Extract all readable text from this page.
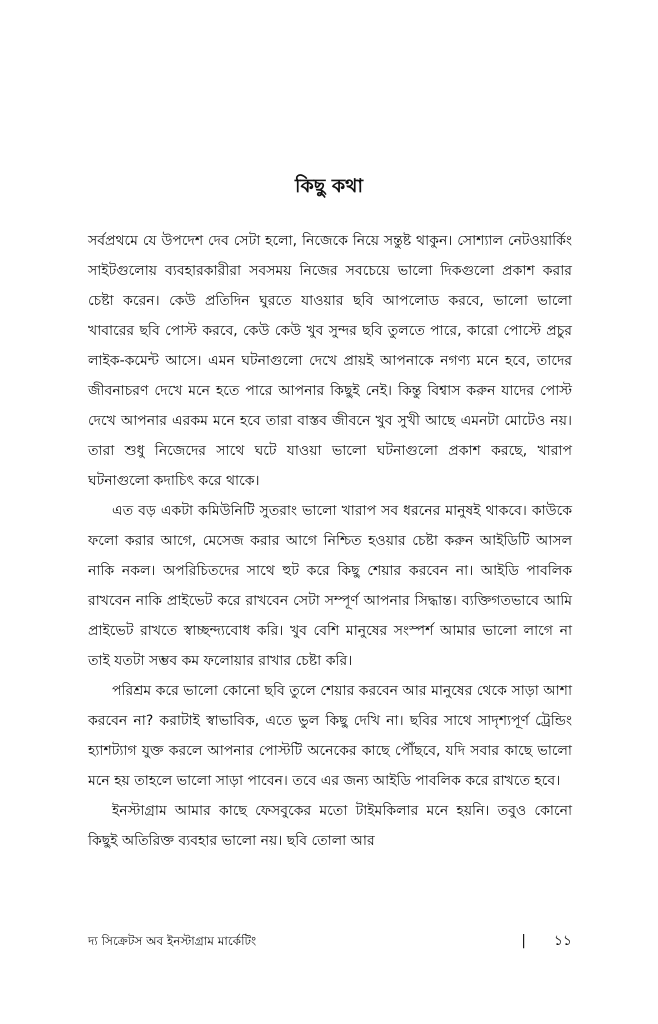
কিছু কথা

সর্বপ্রথমে যে উপদেশ দেব সেটা হলো, নিজেকে নিয়ে সন্তুষ্ট থাকুন। সোশ্যাল নেটওয়ার্কিং সাইটগুলোয় ব্যবহারকারীরা সবসময় নিজের সবচেয়ে ভালো দিকগুলো প্রকাশ করার চেষ্টা করেন। কেউ প্রতিদিন ঘুরতে যাওয়ার ছবি আপলোড করবে, ভালো ভালো খাবারের ছবি পোস্ট করবে, কেউ কেউ খুব সুন্দর ছবি তুলতে পারে, কারো পোস্টে প্রচুর লাইক-কমেন্ট আসে। এমন ঘটনাগুলো দেখে প্রায়ই আপনাকে নগণ্য মনে হবে, তাদের জীবনাচরণ দেখে মনে হতে পারে আপনার কিছুই নেই। কিন্তু বিশ্বাস করুন যাদের পোস্ট দেখে আপনার এরকম মনে হবে তারা বাস্তব জীবনে খুব সুখী আছে এমনটা মোটেও নয়। তারা শুধু নিজেদের সাথে ঘটে যাওয়া ভালো ঘটনাগুলো প্রকাশ করছে, খারাপ ঘটনাগুলো কদাচিৎ করে থাকে।

এত বড় একটা কমিউনিটি সুতরাং ভালো খারাপ সব ধরনের মানুষই থাকবে। কাউকে ফলো করার আগে, মেসেজ করার আগে নিশ্চিত হওয়ার চেষ্টা করুন আইডিটি আসল নাকি নকল। অপরিচিতদের সাথে হুট করে কিছু শেয়ার করবেন না। আইডি পাবলিক রাখবেন নাকি প্রাইভেট করে রাখবেন সেটা সম্পূর্ণ আপনার সিদ্ধান্ত। ব্যক্তিগতভাবে আমি প্রাইভেট রাখতে স্বাচ্ছন্দ্যবোধ করি। খুব বেশি মানুষের সংস্পর্শ আমার ভালো লাগে না তাই যতটা সম্ভব কম ফলোয়ার রাখার চেষ্টা করি।

পরিশ্রম করে ভালো কোনো ছবি তুলে শেয়ার করবেন আর মানুষের থেকে সাড়া আশা করবেন না? করাটাই স্বাভাবিক, এতে ভুল কিছু দেখি না। ছবির সাথে সাদৃশ্যপূর্ণ ট্রেন্ডিং হ্যাশট্যাগ যুক্ত করলে আপনার পোস্টটি অনেকের কাছে পৌঁছবে, যদি সবার কাছে ভালো মনে হয় তাহলে ভালো সাড়া পাবেন। তবে এর জন্য আইডি পাবলিক করে রাখতে হবে।

ইনস্টাগ্রাম আমার কাছে ফেসবুকের মতো টাইমকিলার মনে হয়নি। তবুও কোনো কিছুই অতিরিক্ত ব্যবহার ভালো নয়। ছবি তোলা আর

দ্য সিক্রেটস অব ইনস্টাগ্রাম মার্কেটিং	| ১১
